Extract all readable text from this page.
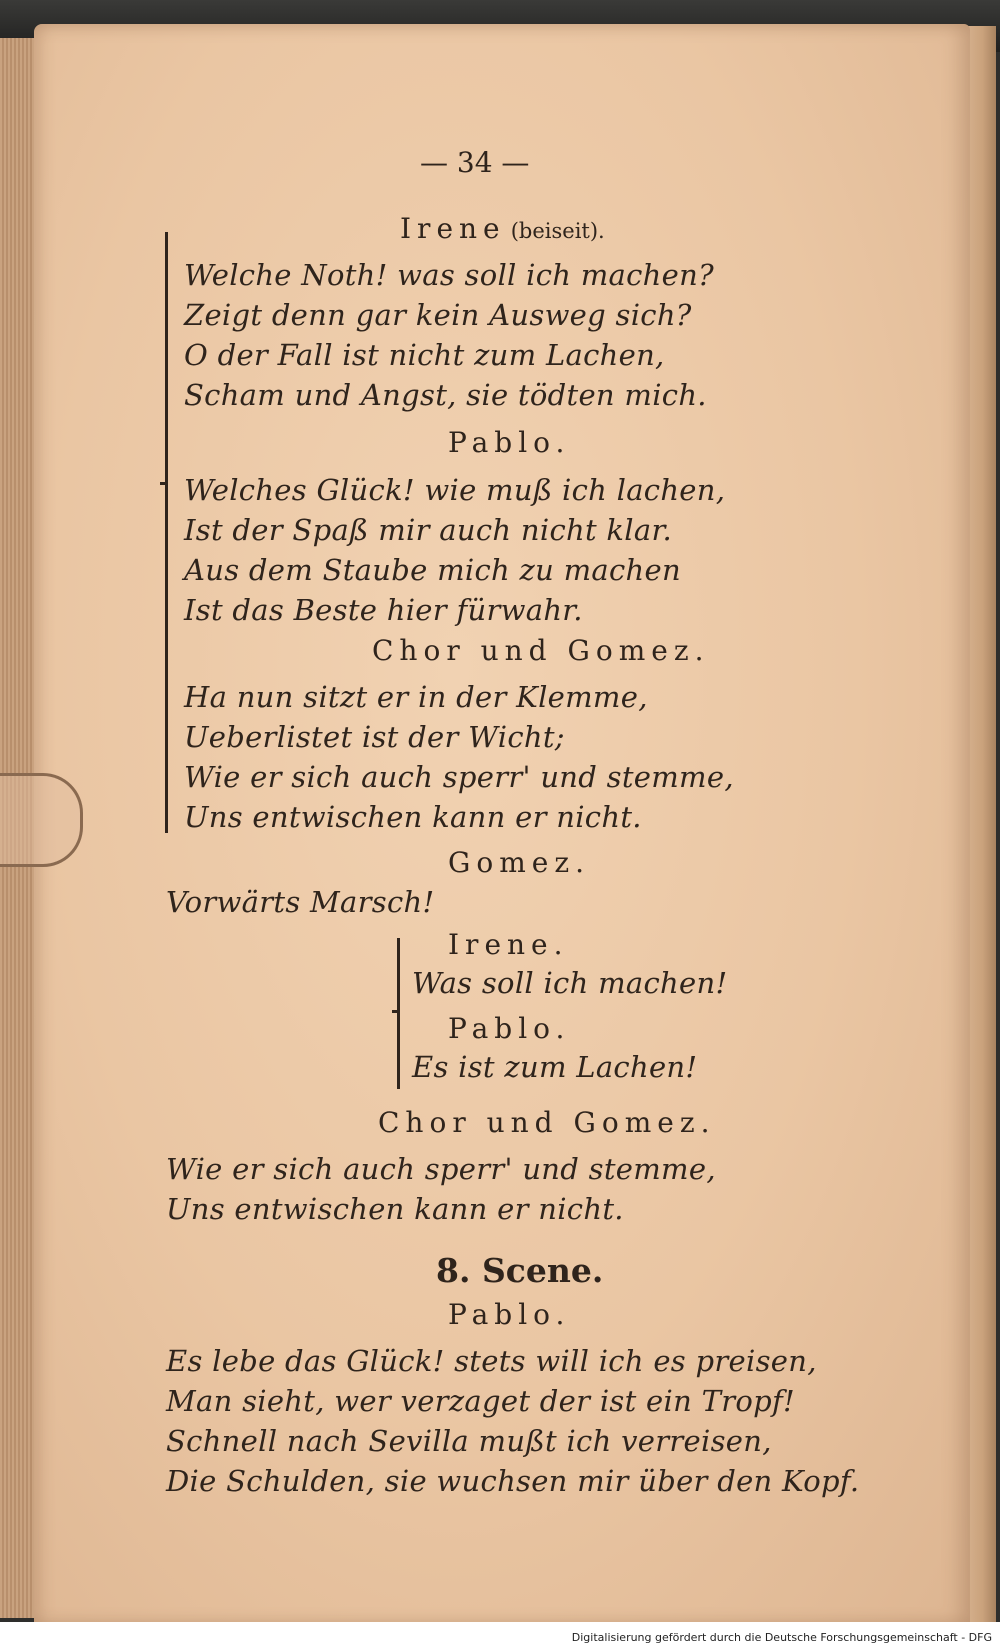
— 34 —
Irene (beiseit).
Welche Noth! was soll ich machen?
Zeigt denn gar kein Ausweg sich?
O der Fall ist nicht zum Lachen,
Scham und Angst, sie tödten mich.
Pablo.
Welches Glück! wie muß ich lachen,
Ist der Spaß mir auch nicht klar.
Aus dem Staube mich zu machen
Ist das Beste hier fürwahr.
Chor und Gomez.
Ha nun sitzt er in der Klemme,
Ueberlistet ist der Wicht;
Wie er sich auch sperr' und stemme,
Uns entwischen kann er nicht.
Gomez.
Vorwärts Marsch!
Irene.
Was soll ich machen!
Pablo.
Es ist zum Lachen!
Chor und Gomez.
Wie er sich auch sperr' und stemme,
Uns entwischen kann er nicht.
8. Scene.
Pablo.
Es lebe das Glück! stets will ich es preisen,
Man sieht, wer verzaget der ist ein Tropf!
Schnell nach Sevilla mußt ich verreisen,
Die Schulden, sie wuchsen mir über den Kopf.
Digitalisierung gefördert durch die Deutsche Forschungsgemeinschaft - DFG
